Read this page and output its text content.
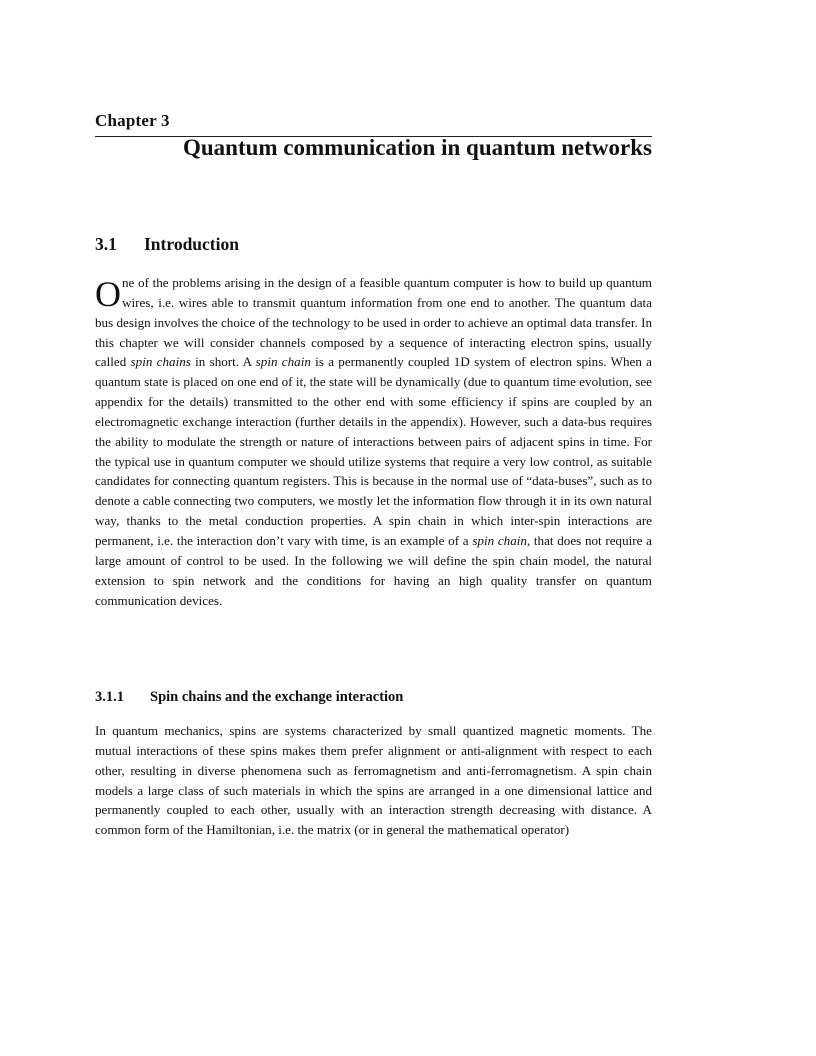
Chapter 3
Quantum communication in quantum networks
3.1 Introduction

One of the problems arising in the design of a feasible quantum computer is how to build up quantum wires, i.e. wires able to transmit quantum information from one end to another. The quantum data bus design involves the choice of the technology to be used in order to achieve an optimal data transfer. In this chapter we will consider channels composed by a sequence of interacting electron spins, usually called spin chains in short. A spin chain is a permanently coupled 1D system of electron spins. When a quantum state is placed on one end of it, the state will be dynamically (due to quantum time evolution, see appendix for the details) transmitted to the other end with some efficiency if spins are coupled by an electromagnetic exchange interaction (further details in the appendix). However, such a data-bus requires the ability to modulate the strength or nature of interactions between pairs of adjacent spins in time. For the typical use in quantum computer we should utilize systems that require a very low control, as suitable candidates for connecting quantum registers. This is because in the normal use of “data-buses”, such as to denote a cable connecting two computers, we mostly let the information flow through it in its own natural way, thanks to the metal conduction properties. A spin chain in which inter-spin interactions are permanent, i.e. the interaction don’t vary with time, is an example of a spin chain, that does not require a large amount of control to be used. In the following we will define the spin chain model, the natural extension to spin network and the conditions for having an high quality transfer on quantum communication devices.

3.1.1 Spin chains and the exchange interaction

In quantum mechanics, spins are systems characterized by small quantized magnetic moments. The mutual interactions of these spins makes them prefer alignment or anti-alignment with respect to each other, resulting in diverse phenomena such as ferromagnetism and anti-ferromagnetism. A spin chain models a large class of such materials in which the spins are arranged in a one dimensional lattice and permanently coupled to each other, usually with an interaction strength decreasing with distance. A common form of the Hamiltonian, i.e. the matrix (or in general the mathematical operator)
